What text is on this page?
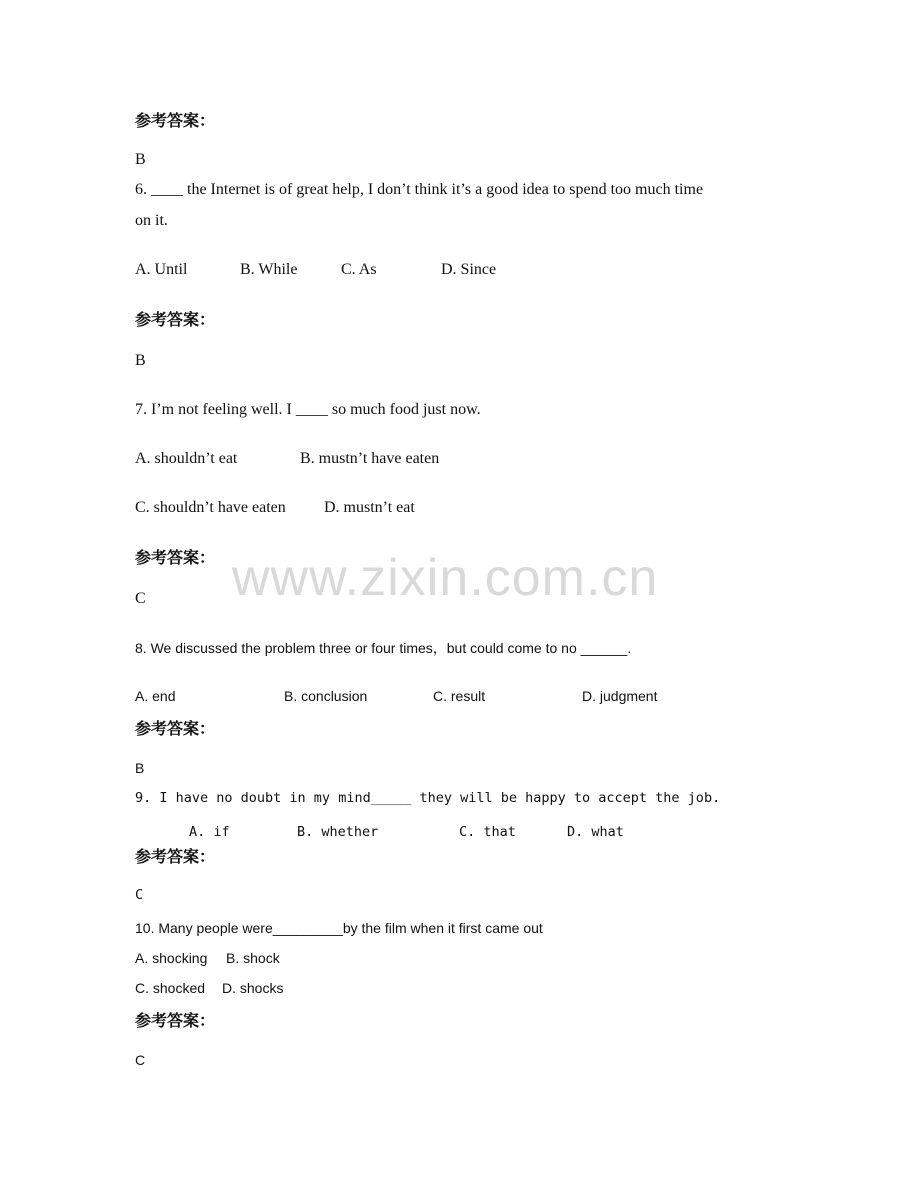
www.zixin.com.cn
参考答案：
B
6. ____ the Internet is of great help, I don’t think it’s a good idea to spend too much time
on it.
A. Until	B. While	C. As	D. Since
参考答案：
B
7. I’m not feeling well. I ____ so much food just now.
A. shouldn’t eat	B. mustn’t have eaten
C. shouldn’t have eaten D. mustn’t eat
参考答案：
C
8. We discussed the problem three or four times，but could come to no ______.
A. end	B. conclusion	C. result	D. judgment
参考答案：
B
9. I have no doubt in my mind_____ they will be happy to accept the job.
A. if	B. whether	C. that	D. what
参考答案：
C
10. Many people were_________by the film when it first came out
A. shocking B. shock
C. shocked D. shocks
参考答案：
C
